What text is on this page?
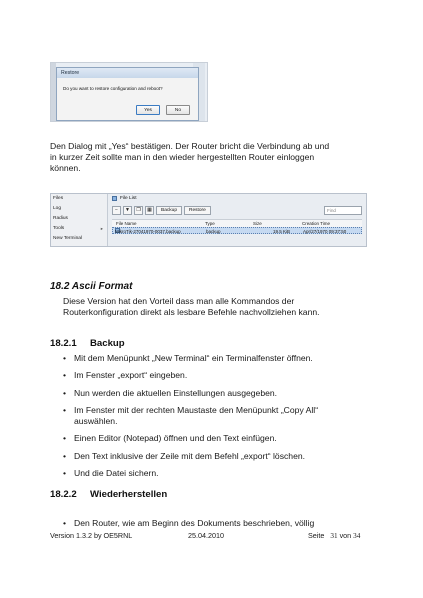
Restore
Do you want to restore configuration and reboot?
Yes	No
Den Dialog mit „Yes“ bestätigen. Der Router bricht die Verbindung ab und
in kurzer Zeit sollte man in den wieder hergestellten Router einloggen
können.
Files
Log
Radius
Tools	▸
New Terminal
File List
−	▼	❐	▦	Backup	Restore	Find
File Name	Type	Size	Creation Time
MikroTik-27041970-0037.backup	backup	19.5 KiB	Apr/27/1970 09:37:50
18.2 Ascii Format
Diese Version hat den Vorteil dass man alle Kommandos der
Routerkonfiguration direkt als lesbare Befehle nachvollziehen kann.
18.2.1 Backup
• Mit dem Menüpunkt „New Terminal“ ein Terminalfenster öffnen.
• Im Fenster „export“ eingeben.
• Nun werden die aktuellen Einstellungen ausgegeben.
• Im Fenster mit der rechten Maustaste den Menüpunkt „Copy All“
auswählen.
• Einen Editor (Notepad) öffnen und den Text einfügen.
• Den Text inklusive der Zeile mit dem Befehl „export“ löschen.
• Und die Datei sichern.
18.2.2 Wiederherstellen
• Den Router, wie am Beginn des Dokuments beschrieben, völlig
Version 1.3.2 by OE5RNL	25.04.2010	Seite 31 von 34
